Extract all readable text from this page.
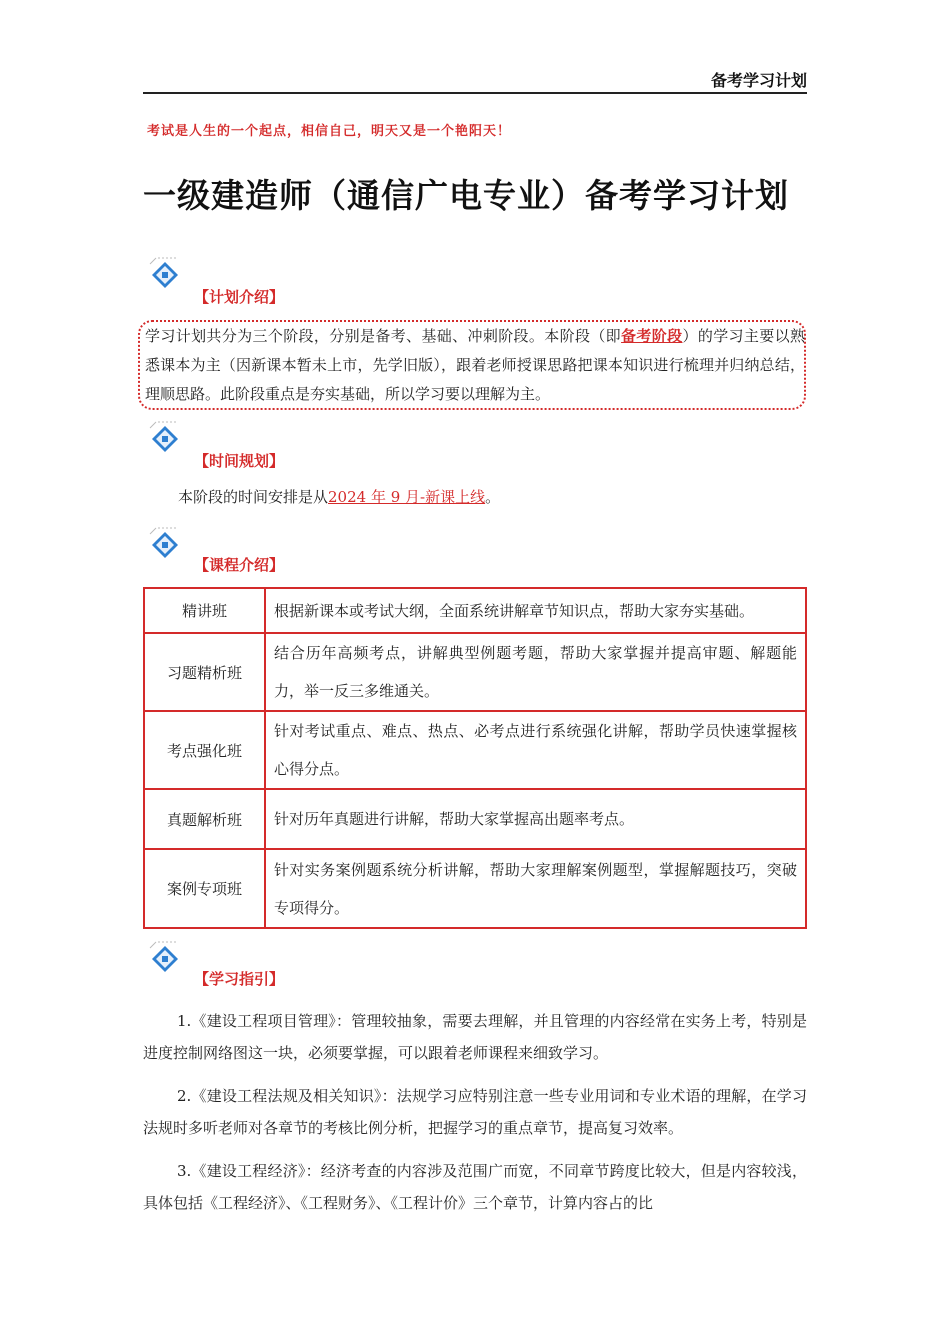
备考学习计划
考试是人生的一个起点，相信自己，明天又是一个艳阳天！
一级建造师（通信广电专业）备考学习计划
【计划介绍】
学习计划共分为三个阶段，分别是备考、基础、冲刺阶段。本阶段（即备考阶段）的学习主要以熟悉课本为主（因新课本暂未上市，先学旧版），跟着老师授课思路把课本知识进行梳理并归纳总结，理顺思路。此阶段重点是夯实基础，所以学习要以理解为主。
【时间规划】
本阶段的时间安排是从2024 年 9 月-新课上线。
【课程介绍】
精讲班	根据新课本或考试大纲，全面系统讲解章节知识点，帮助大家夯实基础。
习题精析班	结合历年高频考点，讲解典型例题考题，帮助大家掌握并提高审题、解题能力，举一反三多维通关。
考点强化班	针对考试重点、难点、热点、必考点进行系统强化讲解，帮助学员快速掌握核心得分点。
真题解析班	针对历年真题进行讲解，帮助大家掌握高出题率考点。
案例专项班	针对实务案例题系统分析讲解，帮助大家理解案例题型，掌握解题技巧，突破专项得分。
【学习指引】
1.《建设工程项目管理》：管理较抽象，需要去理解，并且管理的内容经常在实务上考，特别是进度控制网络图这一块，必须要掌握，可以跟着老师课程来细致学习。
2.《建设工程法规及相关知识》：法规学习应特别注意一些专业用词和专业术语的理解，在学习法规时多听老师对各章节的考核比例分析，把握学习的重点章节，提高复习效率。
3.《建设工程经济》：经济考查的内容涉及范围广而宽，不同章节跨度比较大，但是内容较浅，具体包括《工程经济》、《工程财务》、《工程计价》三个章节，计算内容占的比
